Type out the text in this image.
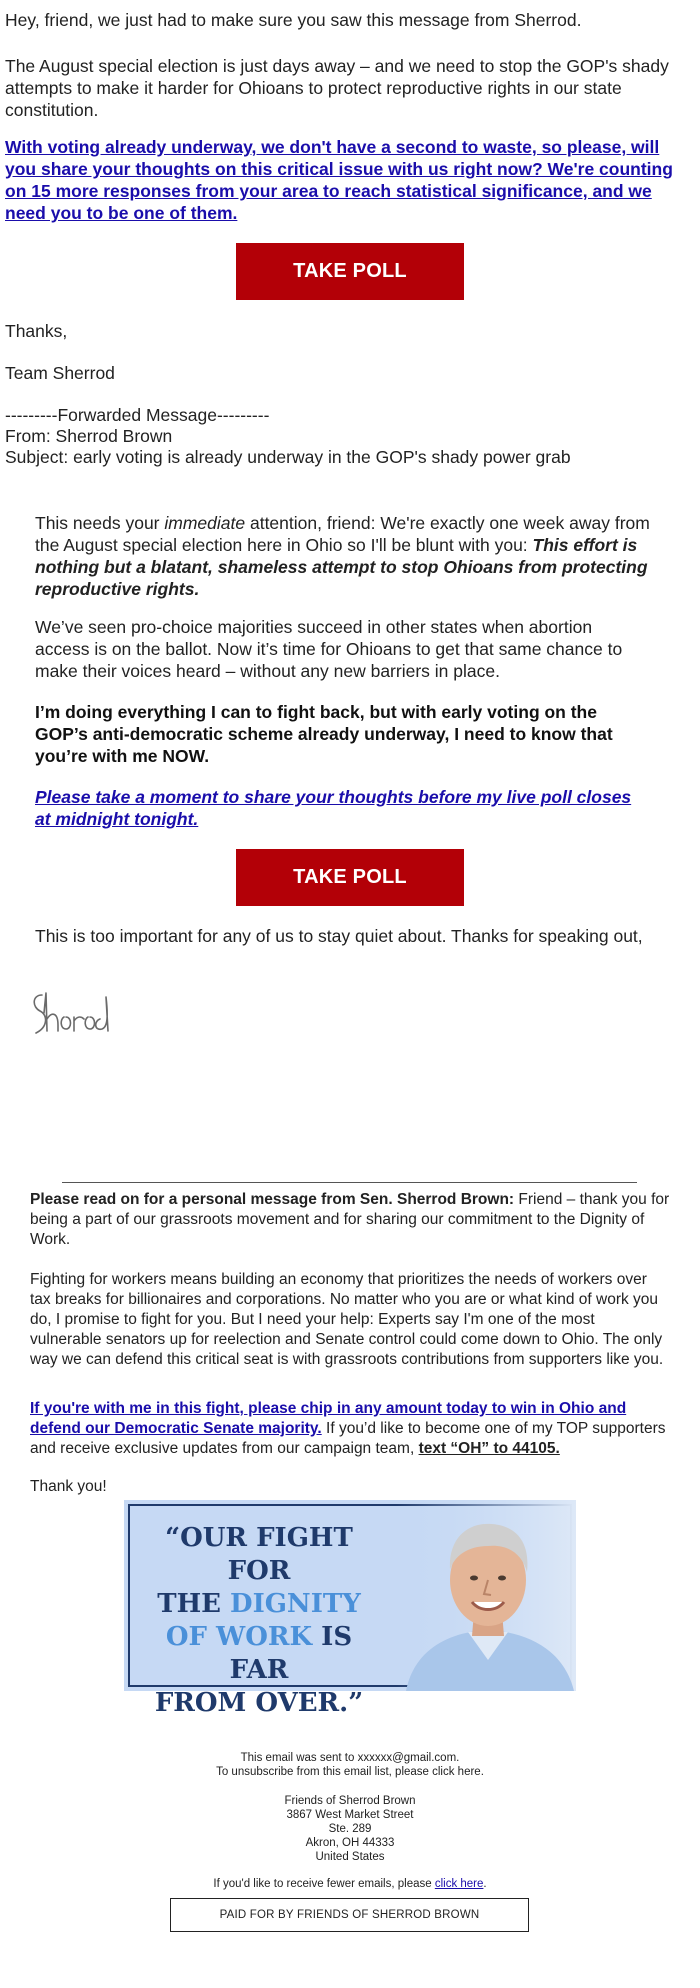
Hey, friend, we just had to make sure you saw this message from Sherrod.

The August special election is just days away – and we need to stop the GOP's shady attempts to make it harder for Ohioans to protect reproductive rights in our state constitution.

With voting already underway, we don't have a second to waste, so please, will you share your thoughts on this critical issue with us right now? We're counting on 15 more responses from your area to reach statistical significance, and we need you to be one of them.

TAKE POLL

Thanks,

Team Sherrod

---------Forwarded Message---------

From: Sherrod Brown

Subject: early voting is already underway in the GOP's shady power grab

This needs your immediate attention, friend: We're exactly one week away from the August special election here in Ohio so I'll be blunt with you: This effort is nothing but a blatant, shameless attempt to stop Ohioans from protecting reproductive rights.

We’ve seen pro-choice majorities succeed in other states when abortion access is on the ballot. Now it’s time for Ohioans to get that same chance to make their voices heard – without any new barriers in place.

I’m doing everything I can to fight back, but with early voting on the GOP’s anti-democratic scheme already underway, I need to know that you’re with me NOW.

Please take a moment to share your thoughts before my live poll closes at midnight tonight.

TAKE POLL

This is too important for any of us to stay quiet about. Thanks for speaking out,

Please read on for a personal message from Sen. Sherrod Brown: Friend – thank you for being a part of our grassroots movement and for sharing our commitment to the Dignity of Work.

Fighting for workers means building an economy that prioritizes the needs of workers over tax breaks for billionaires and corporations. No matter who you are or what kind of work you do, I promise to fight for you. But I need your help: Experts say I'm one of the most vulnerable senators up for reelection and Senate control could come down to Ohio. The only way we can defend this critical seat is with grassroots contributions from supporters like you.

If you're with me in this fight, please chip in any amount today to win in Ohio and defend our Democratic Senate majority. If you’d like to become one of my TOP supporters and receive exclusive updates from our campaign team, text “OH” to 44105.

Thank you!

“OUR FIGHT FOR
THE DIGNITY
OF WORK IS FAR
FROM OVER.”
This email was sent to xxxxxx@gmail.com.
To unsubscribe from this email list, please click here.
Friends of Sherrod Brown
3867 West Market Street
Ste. 289
Akron, OH 44333
United States
If you'd like to receive fewer emails, please click here.
PAID FOR BY FRIENDS OF SHERROD BROWN
